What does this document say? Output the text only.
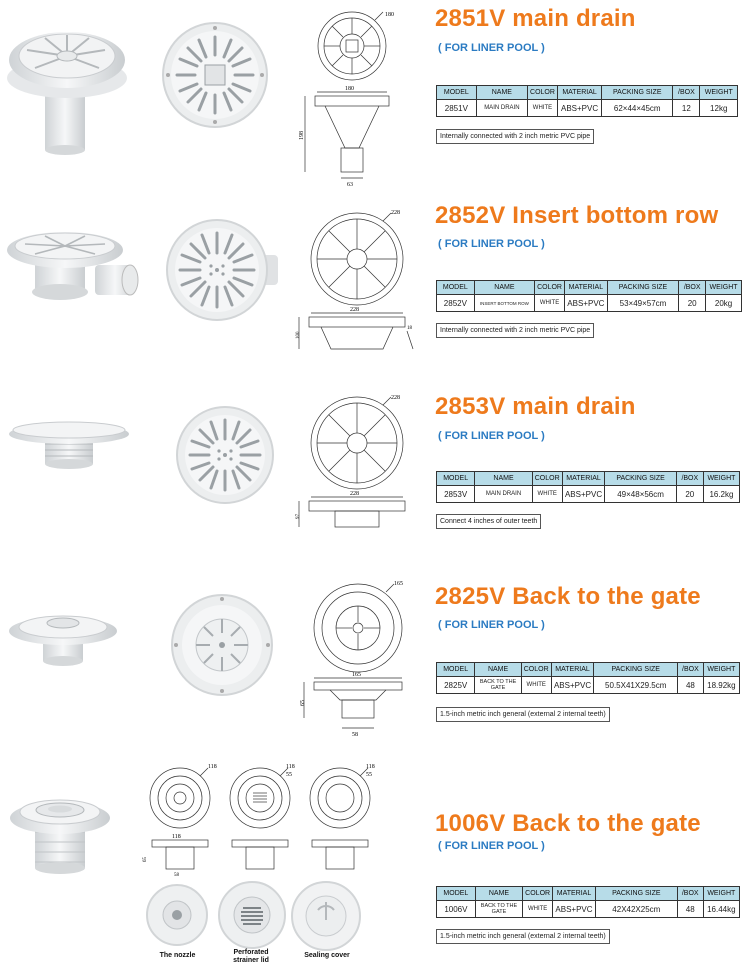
180
180
198
63
2851V main drain
( FOR LINER POOL )
MODEL	NAME	COLOR	MATERIAL	PACKING SIZE	/BOX	WEIGHT
2851V	MAIN DRAIN	WHITE	ABS+PVC	62×44×45cm	12	12kg
Internally connected with 2 inch metric PVC pipe
228
228
100
18
2852V Insert bottom row
( FOR LINER POOL )
MODEL	NAME	COLOR	MATERIAL	PACKING SIZE	/BOX	WEIGHT
2852V	INSERT BOTTOM ROW	WHITE	ABS+PVC	53×49×57cm	20	20kg
Internally connected with 2 inch metric PVC pipe
228
228
97
2853V main drain
( FOR LINER POOL )
MODEL	NAME	COLOR	MATERIAL	PACKING SIZE	/BOX	WEIGHT
2853V	MAIN DRAIN	WHITE	ABS+PVC	49×48×56cm	20	16.2kg
Connect 4 inches of outer teeth
165
165
65
58
2825V Back to the gate
( FOR LINER POOL )
MODEL	NAME	COLOR	MATERIAL	PACKING SIZE	/BOX	WEIGHT
2825V	BACK TO THE GATE	WHITE	ABS+PVC	50.5X41X29.5cm	48	18.92kg
1.5-inch metric inch general (external 2 internal teeth)
118	118
55
118
55
118
65
58
The nozzle	Perforated strainer lid
Sealing cover
1006V Back to the gate
( FOR LINER POOL )
MODEL	NAME	COLOR	MATERIAL	PACKING SIZE	/BOX	WEIGHT
1006V	BACK TO THE GATE	WHITE	ABS+PVC	42X42X25cm	48	16.44kg
1.5-inch metric inch general (external 2 internal teeth)
